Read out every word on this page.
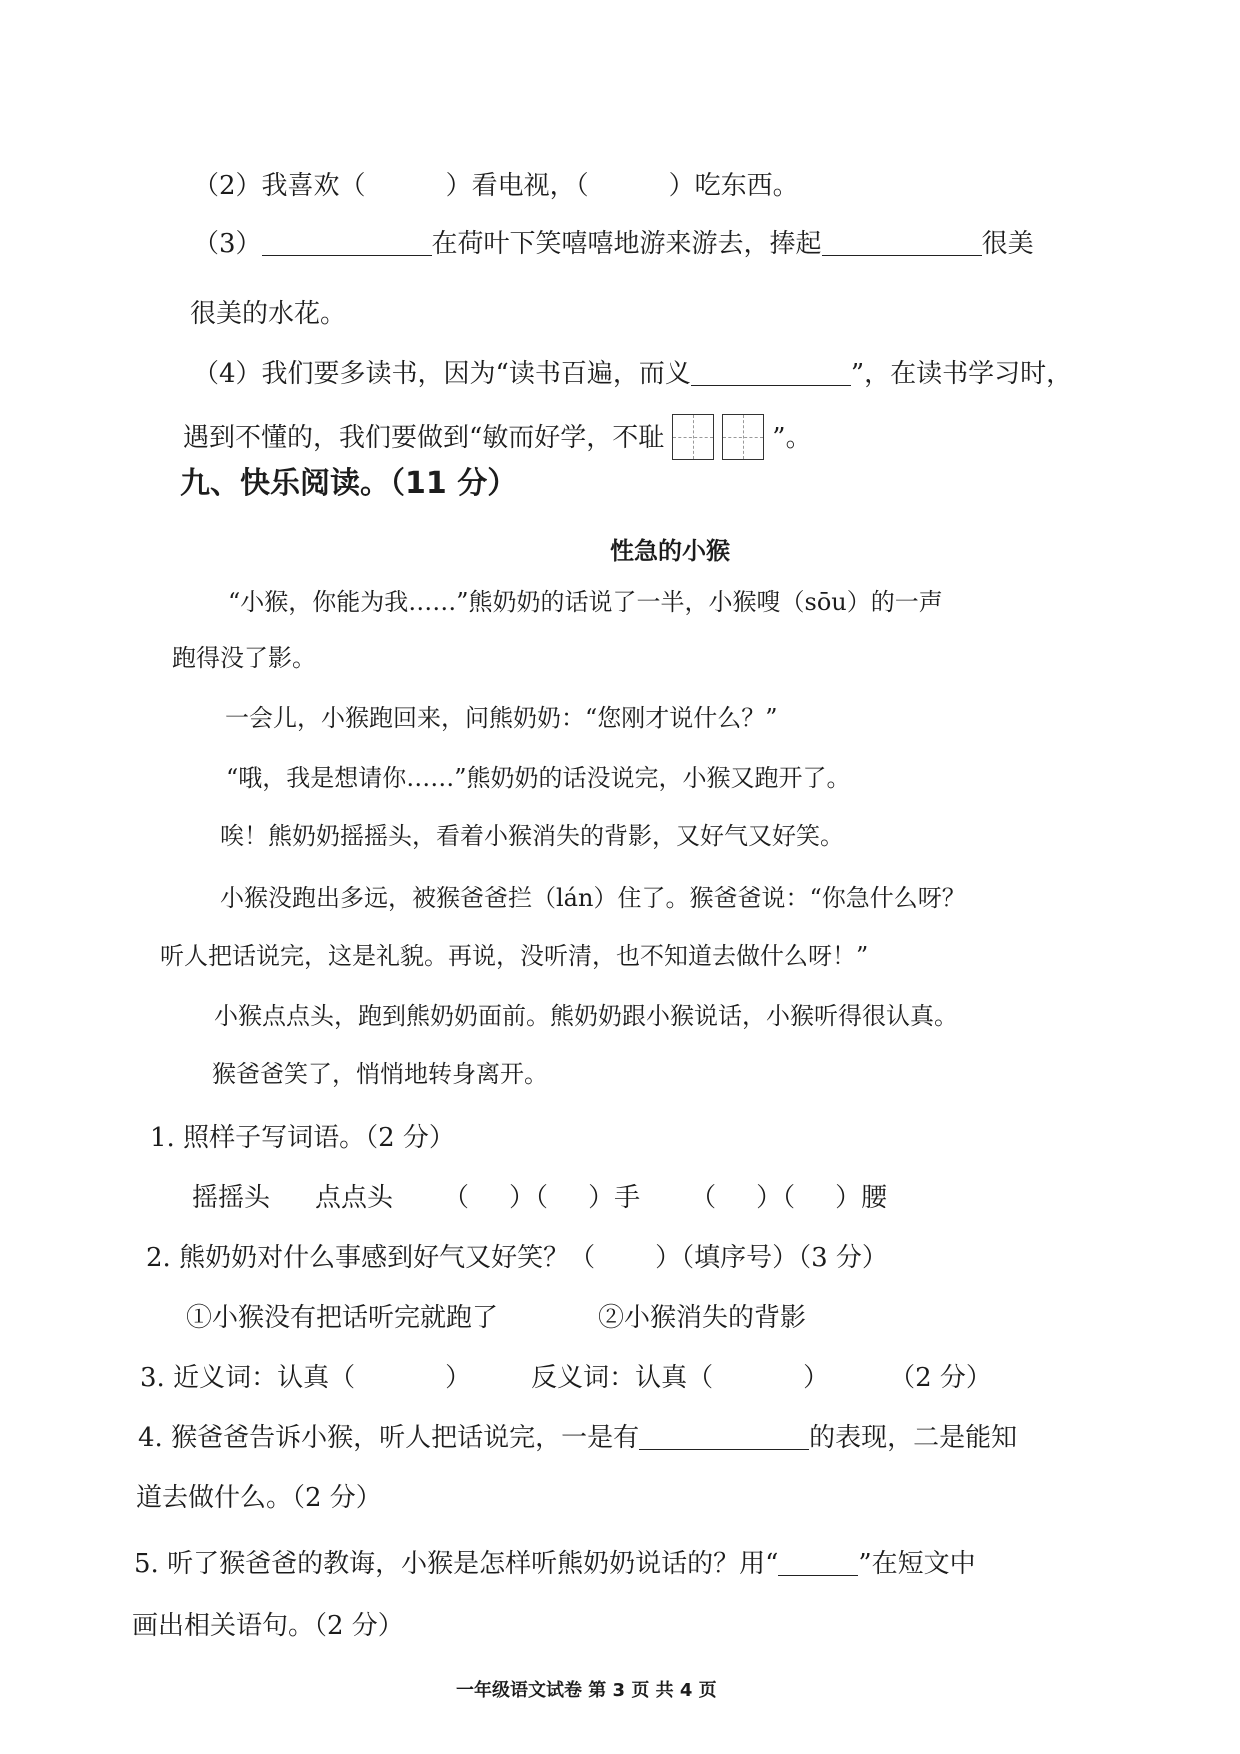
（2）我喜欢（	）看电视，（	）吃东西。
（3）	在荷叶下笑嘻嘻地游来游去，捧起	很美
很美的水花。
（4）我们要多读书，因为“读书百遍，而义	”，在读书学习时，
遇到不懂的，我们要做到“敏而好学，不耻	”。
九、快乐阅读。（11 分）
性急的小猴
“小猴，你能为我……”熊奶奶的话说了一半，小猴嗖（sōu）的一声
跑得没了影。
一会儿，小猴跑回来，问熊奶奶：“您刚才说什么？”
“哦，我是想请你……”熊奶奶的话没说完，小猴又跑开了。
唉！熊奶奶摇摇头，看着小猴消失的背影，又好气又好笑。
小猴没跑出多远，被猴爸爸拦（lán）住了。猴爸爸说：“你急什么呀？
听人把话说完，这是礼貌。再说，没听清，也不知道去做什么呀！”
小猴点点头，跑到熊奶奶面前。熊奶奶跟小猴说话，小猴听得很认真。
猴爸爸笑了，悄悄地转身离开。
1. 照样子写词语。（2 分）
摇摇头 点点头 （ ）（ ）手 （ ）（ ）腰
2. 熊奶奶对什么事感到好气又好笑？（ ）（填序号）（3 分）
①小猴没有把话听完就跑了	②小猴消失的背影
3. 近义词：认真（	） 反义词：认真（	） （2 分）
4. 猴爸爸告诉小猴，听人把话说完，一是有	的表现，二是能知
道去做什么。（2 分）
5. 听了猴爸爸的教诲，小猴是怎样听熊奶奶说话的？用“	”在短文中
画出相关语句。（2 分）
一年级语文试卷 第 3 页 共 4 页
